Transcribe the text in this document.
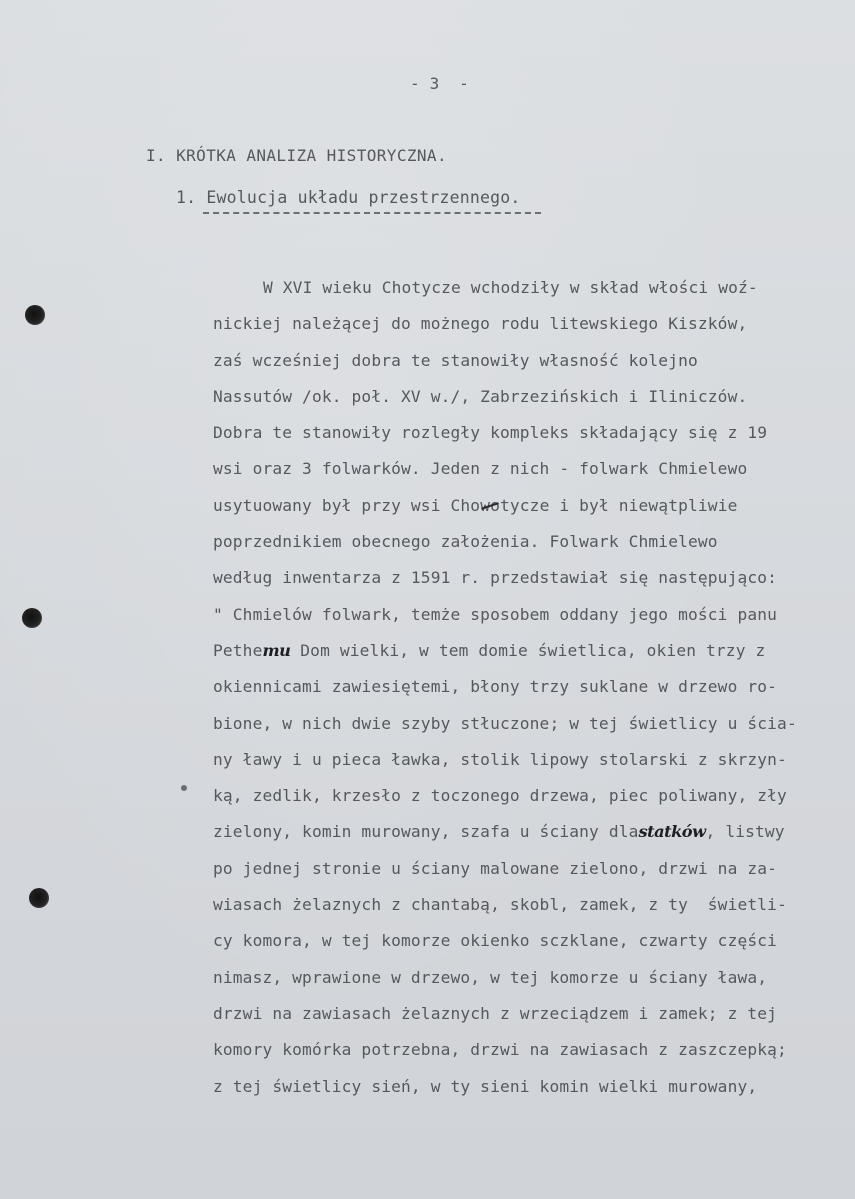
- 3  -
I. KRÓTKA ANALIZA HISTORYCZNA.
1. Ewolucja układu przestrzennego.
W XVI wieku Chotycze wchodziły w skład włości woź-
nickiej należącej do możnego rodu litewskiego Kiszków,
zaś wcześniej dobra te stanowiły własność kolejno
Nassutów /ok. poł. XV w./, Zabrzezińskich i Iliniczów.
Dobra te stanowiły rozległy kompleks składający się z 19
wsi oraz 3 folwarków. Jeden z nich - folwark Chmielewo
usytuowany był przy wsi Chowotycze i był niewątpliwie
poprzednikiem obecnego założenia. Folwark Chmielewo
według inwentarza z 1591 r. przedstawiał się następująco:
" Chmielów folwark, temże sposobem oddany jego mości panu
Pethemu Dom wielki, w tem domie świetlica, okien trzy z
okiennicami zawiesiętemi, błony trzy suklane w drzewo ro-
bione, w nich dwie szyby stłuczone; w tej świetlicy u ścia-
ny ławy i u pieca ławka, stolik lipowy stolarski z skrzyn-
ką, zedlik, krzesło z toczonego drzewa, piec poliwany, zły
zielony, komin murowany, szafa u ściany dlastatków, listwy
po jednej stronie u ściany malowane zielono, drzwi na za-
wiasach żelaznych z chantabą, skobl, zamek, z ty  świetli-
cy komora, w tej komorze okienko sczklane, czwarty części
nimasz, wprawione w drzewo, w tej komorze u ściany ława,
drzwi na zawiasach żelaznych z wrzeciądzem i zamek; z tej
komory komórka potrzebna, drzwi na zawiasach z zaszczepką;
z tej świetlicy sień, w ty sieni komin wielki murowany,
